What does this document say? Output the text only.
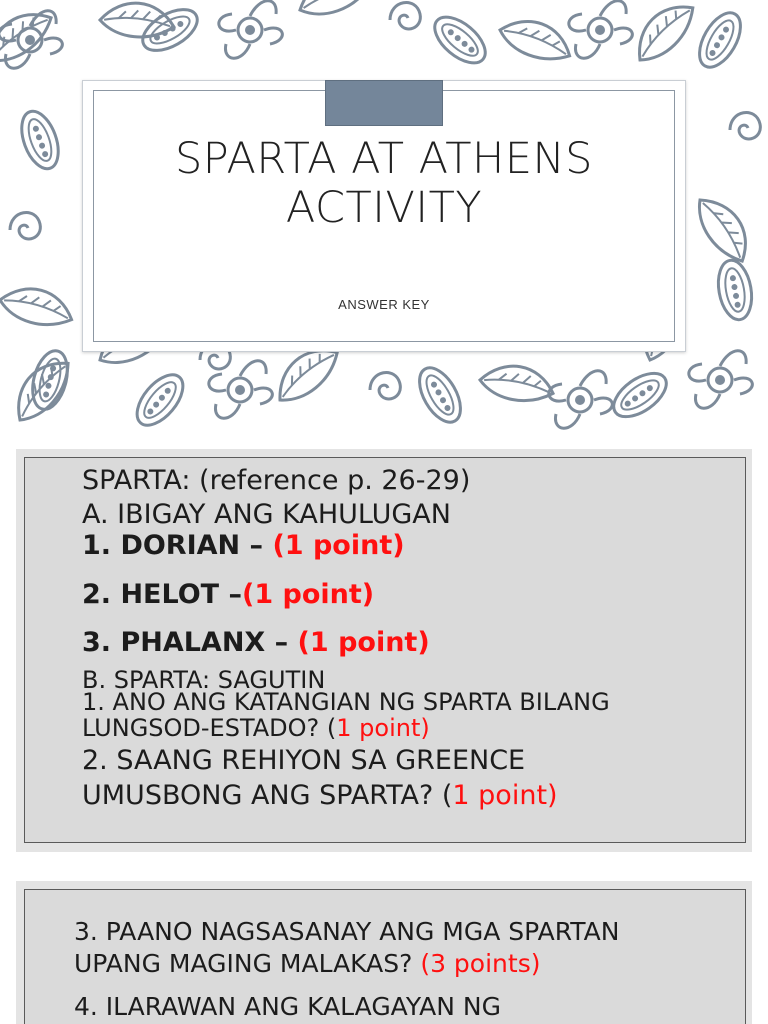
SPARTA AT ATHENS
ACTIVITY
ANSWER KEY
SPARTA: (reference p. 26-29)
A. IBIGAY ANG KAHULUGAN
1. DORIAN – (1 point)
2. HELOT –(1 point)
3. PHALANX – (1 point)
B. SPARTA: SAGUTIN
1. ANO ANG KATANGIAN NG SPARTA BILANG
LUNGSOD-ESTADO? (1 point)
2. SAANG REHIYON SA GREENCE
UMUSBONG ANG SPARTA? (1 point)
3. PAANO NAGSASANAY ANG MGA SPARTAN
UPANG MAGING MALAKAS? (3 points)
4. ILARAWAN ANG KALAGAYAN NG
